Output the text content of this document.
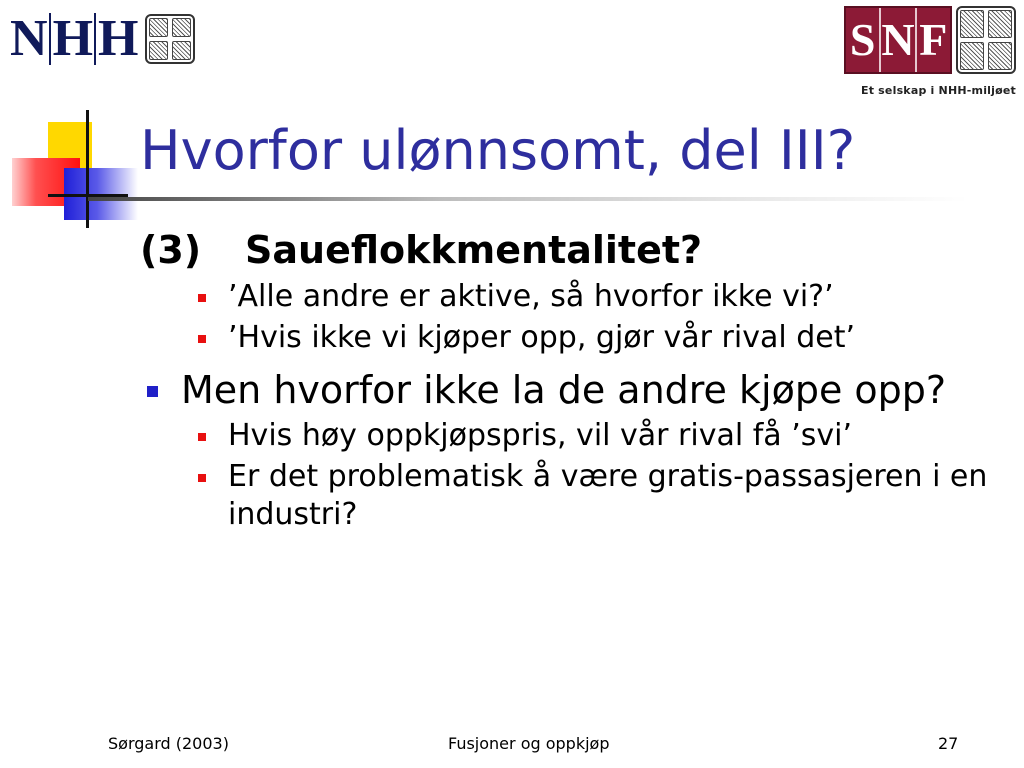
N H H	S N F
Et selskap i NHH-miljøet
Hvorfor ulønnsomt, del III?
(3)	Saueflokkmentalitet?
’Alle andre er aktive, så hvorfor ikke vi?’
’Hvis ikke vi kjøper opp, gjør vår rival det’
Men hvorfor ikke la de andre kjøpe opp?
Hvis høy oppkjøpspris, vil vår rival få ’svi’
Er det problematisk å være gratis-passasjeren i en industri?
Sørgard (2003)	Fusjoner og oppkjøp	27
